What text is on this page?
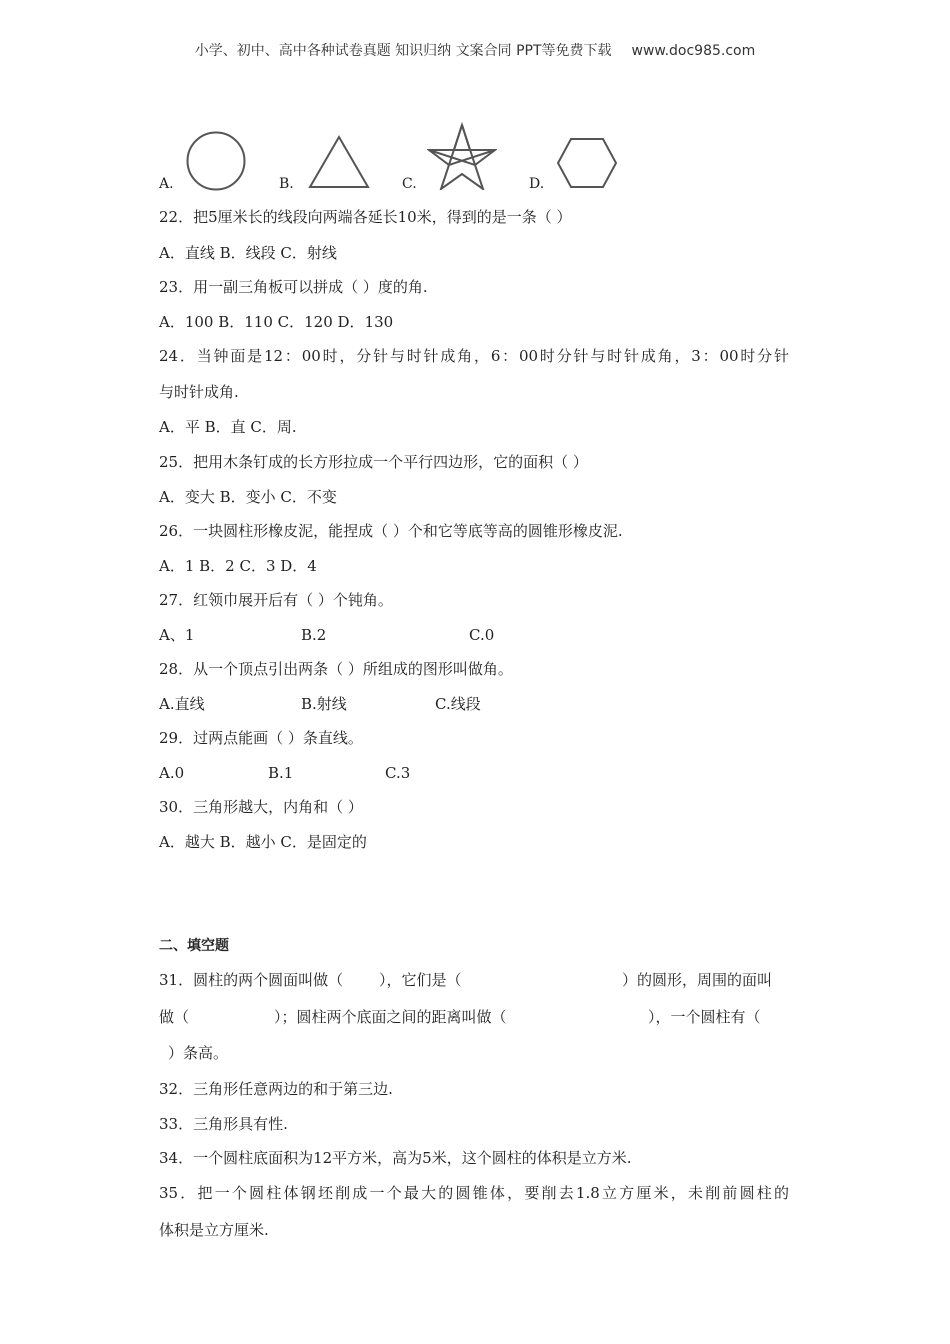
小学、初中、高中各种试卷真题 知识归纳 文案合同 PPT等免费下载 www.doc985.com
A.	B.	C.	D.
22．把5厘米长的线段向两端各延长10米，得到的是一条（ ）
A．直线 B．线段 C．射线
23．用一副三角板可以拼成（ ）度的角.
A．100 B．110 C．120 D．130
24．当钟面是12：00时，分针与时针成角，6：00时分针与时针成角，3：00时分针
与时针成角.
A．平 B．直 C．周.
25．把用木条钉成的长方形拉成一个平行四边形，它的面积（ ）
A．变大 B．变小 C．不变
26．一块圆柱形橡皮泥，能捏成（ ）个和它等底等高的圆锥形橡皮泥.
A．1 B．2 C．3 D．4
27．红领巾展开后有（ ）个钝角。
A、1	B.2	C.0
28．从一个顶点引出两条（ ）所组成的图形叫做角。
A.直线	B.射线	C.线段
29．过两点能画（ ）条直线。
A.0	B.1	C.3
30．三角形越大，内角和（ ）
A．越大 B．越小 C．是固定的
二、填空题
31．圆柱的两个圆面叫做（ ），它们是（	）的圆形，周围的面叫
做（	）；圆柱两个底面之间的距离叫做（	），一个圆柱有（
）条高。
32．三角形任意两边的和于第三边.
33．三角形具有性.
34．一个圆柱底面积为12平方米，高为5米，这个圆柱的体积是立方米.
35．把一个圆柱体钢坯削成一个最大的圆锥体，要削去1.8立方厘米，未削前圆柱的
体积是立方厘米.
